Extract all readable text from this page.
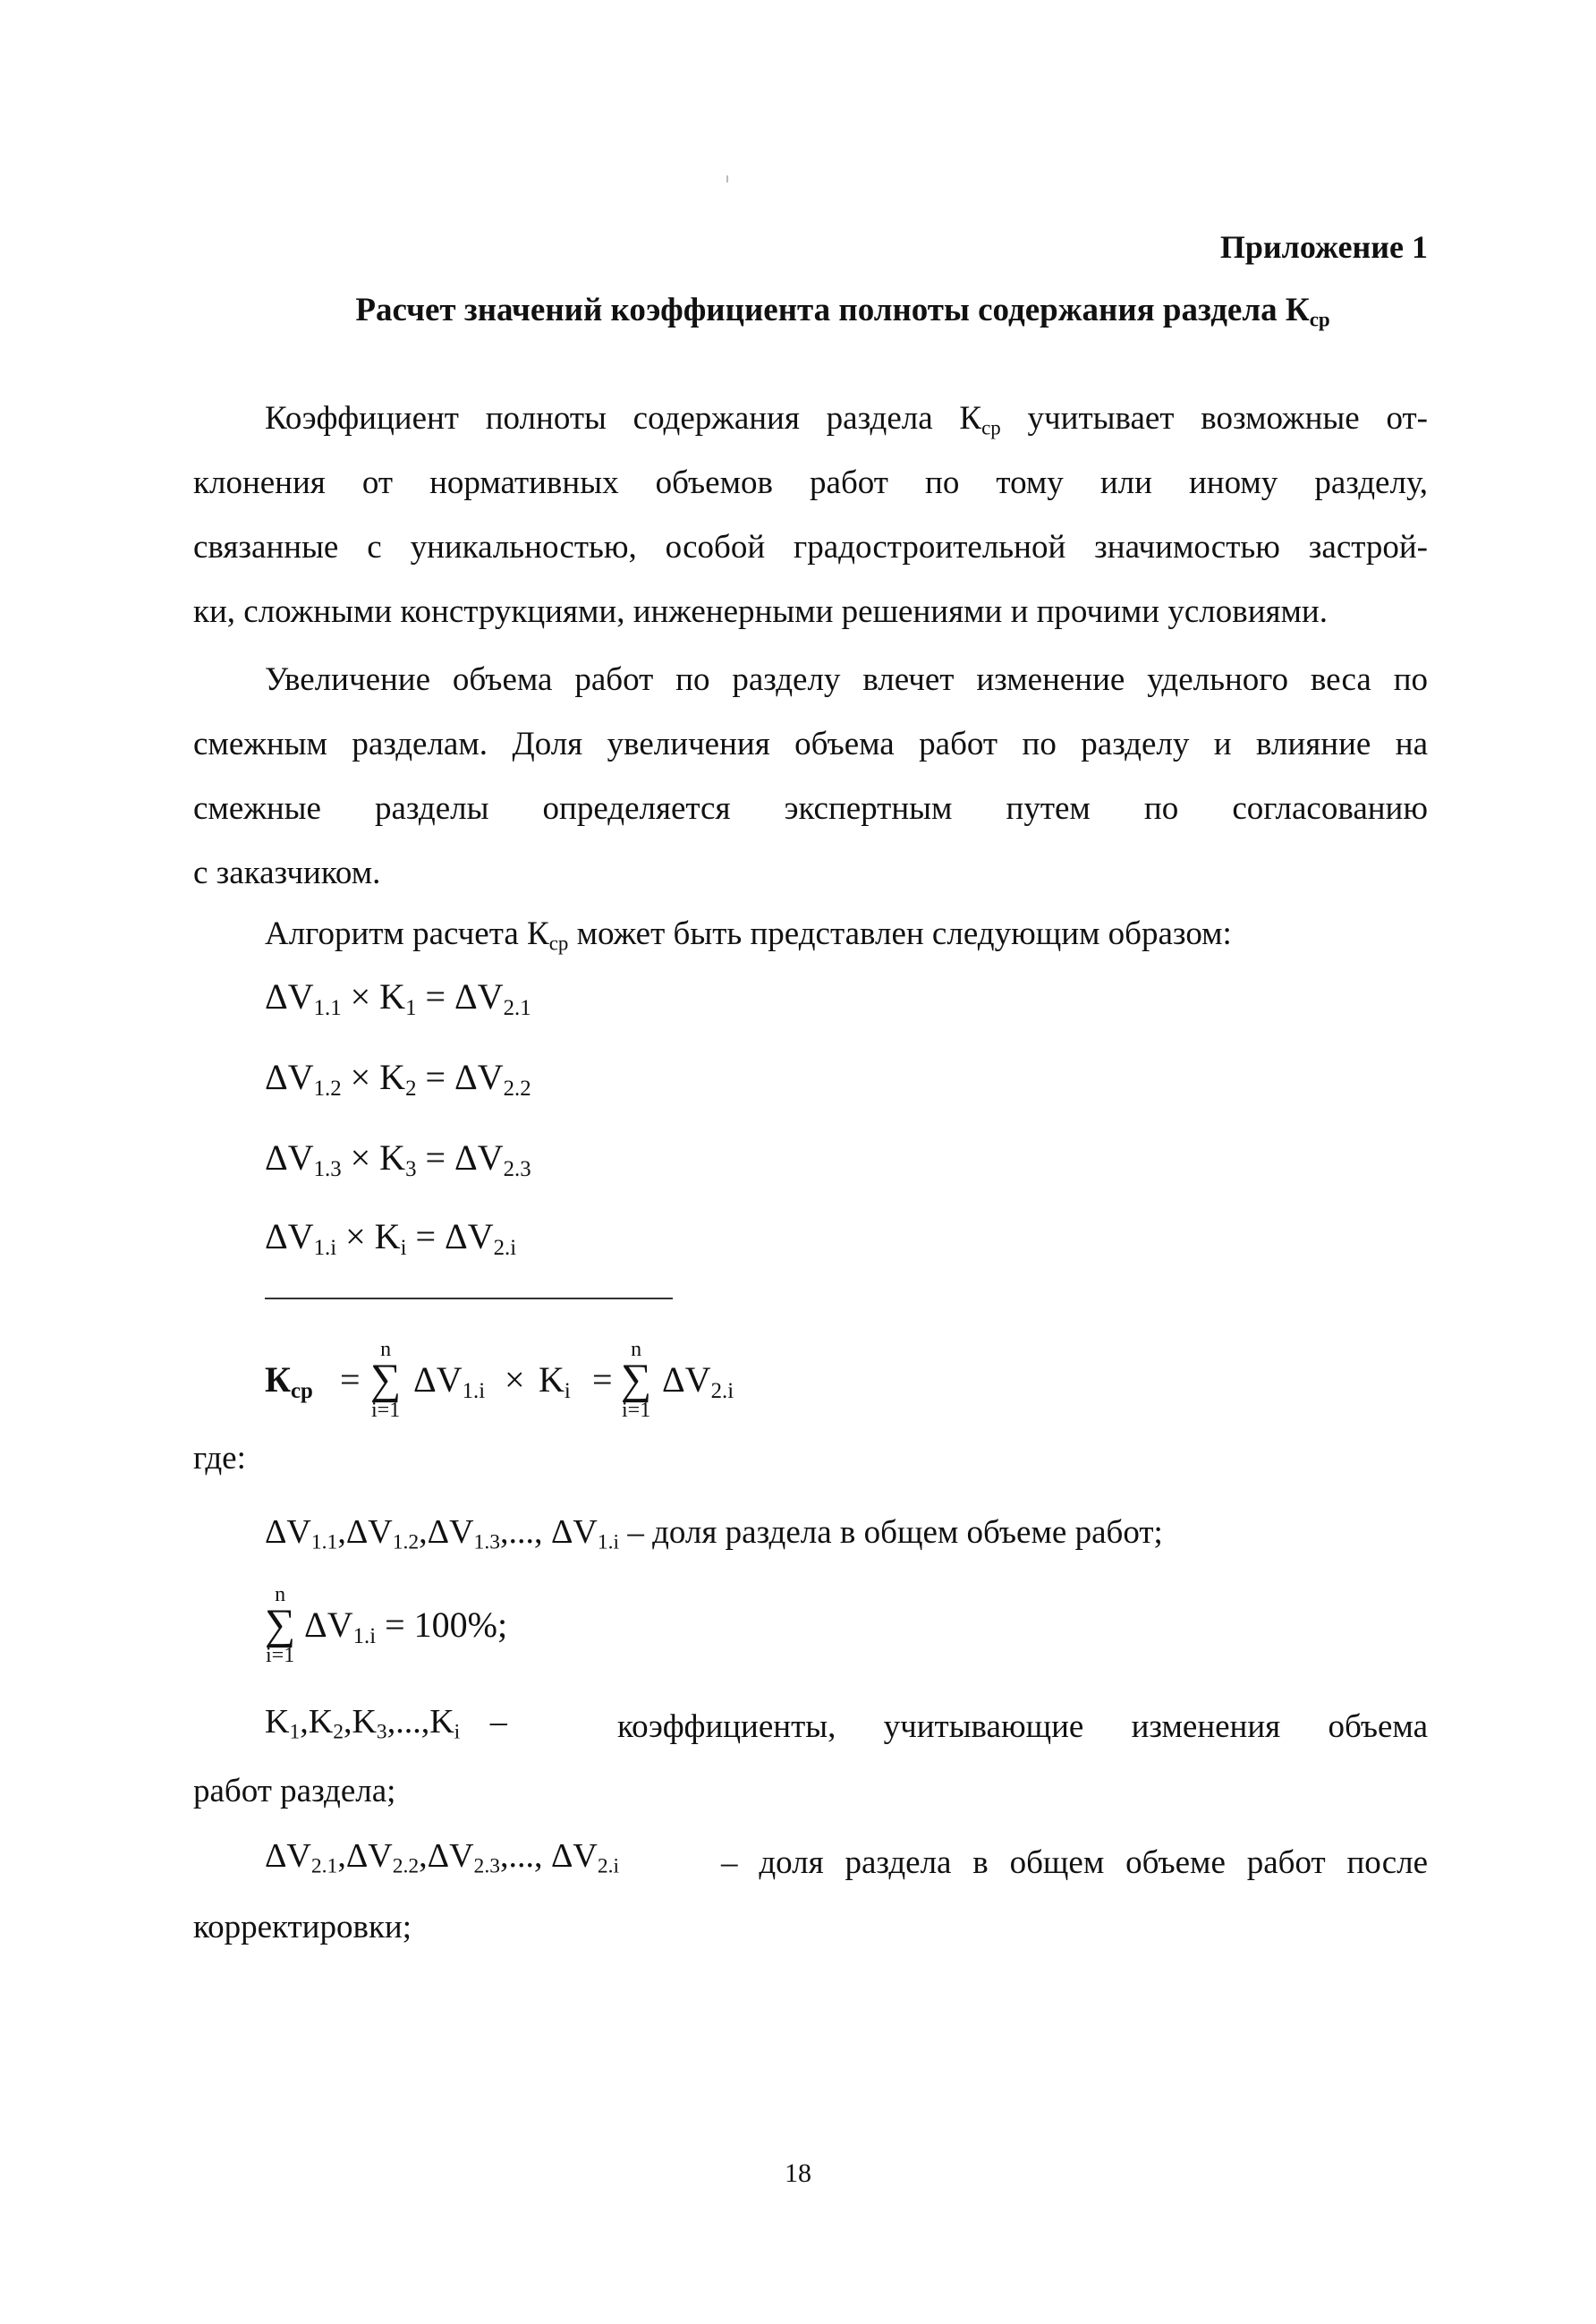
Приложение 1
Расчет значений коэффициента полноты содержания раздела $К_{ср}$
Коэффициент полноты содержания раздела $К_{ср}$ учитывает возможные от-
клонения от нормативных объемов работ по тому или иному разделу,
связанные с уникальностью, особой градостроительной значимостью застрой-
ки, сложными конструкциями, инженерными решениями и прочими условиями.
Увеличение объема работ по разделу влечет изменение удельного веса по
смежным разделам. Доля увеличения объема работ по разделу и влияние на
смежные разделы определяется экспертным путем по согласованию
с заказчиком.
Алгоритм расчета $К_{ср}$ может быть представлен следующим образом:
$\Delta V_{1.1} \times K_1 = \Delta V_{2.1}$
$\Delta V_{1.2} \times K_2 = \Delta V_{2.2}$
$\Delta V_{1.3} \times K_3 = \Delta V_{2.3}$
$\Delta V_{1.i} \times K_i = \Delta V_{2.i}$
$К_{ср}$ =
n
∑
i=1
$\Delta V_{1.i} \times K_i$ =
n
∑
i=1
$\Delta V_{2.i}$
где:
$\Delta V_{1.1},\Delta V_{1.2},\Delta V_{1.3}$,..., $\Delta V_{1.i}$ – доля раздела в общем объеме работ;
n
∑
i=1
$\Delta V_{1.i} = 100\%$;
$K_1,K_2,K_3,...,K_i$ –	коэффициенты, учитывающие изменения объема
работ раздела;
$\Delta V_{2.1},\Delta V_{2.2},\Delta V_{2.3}$,..., $\Delta V_{2.i}$	– доля раздела в общем объеме работ после
корректировки;
18
